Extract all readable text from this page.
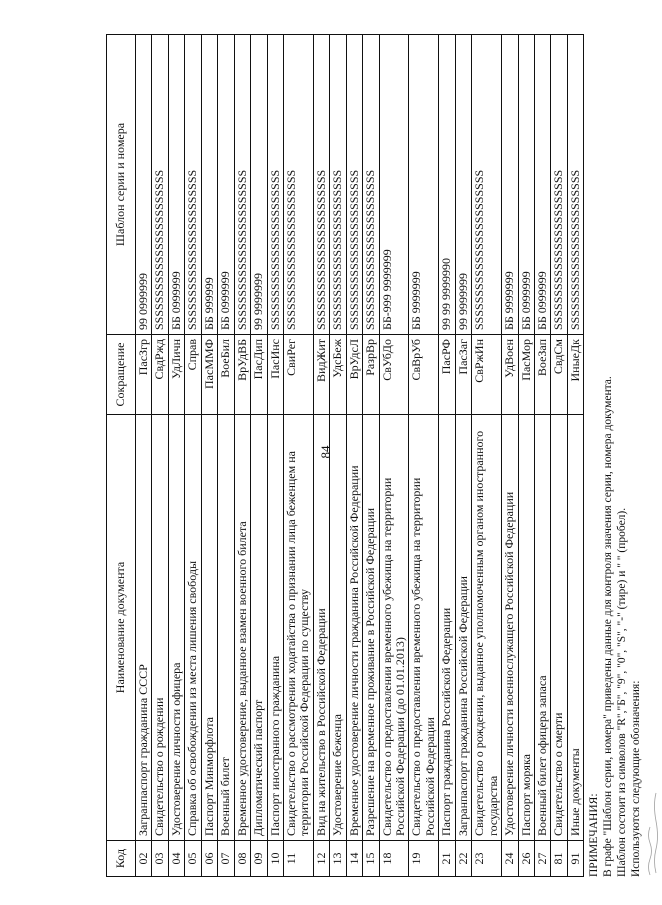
84
Код	Наименование документа	Сокращение	Шаблон серии и номера
02	Загранпаспорт гражданина СССР	ПасЗгр	99 0999999
03	Свидетельство о рождении	СвдРжд	SSSSSSSSSSSSSSSSSSSSSSSS
04	Удостоверение личности офицера	УдЛичн	ББ 0999999
05	Справка об освобождении из места лишения свободы	Справ	SSSSSSSSSSSSSSSSSSSSSSSS
06	Паспорт Минморфлота	ПасММФ	ББ 999999
07	Военный билет	ВоеБил	ББ 0999999
08	Временное удостоверение, выданное взамен военного билета	ВрУдВБ	SSSSSSSSSSSSSSSSSSSSSSSS
09	Дипломатический паспорт	ПасДип	99 9999999
10	Паспорт иностранного гражданина	ПасИнс	SSSSSSSSSSSSSSSSSSSSSSSS
11	Свидетельство о рассмотрении ходатайства о признании лица беженцем на территории Российской Федерации по существу	СвиРег	SSSSSSSSSSSSSSSSSSSSSSSS
12	Вид на жительство в Российской Федерации	ВидЖит	SSSSSSSSSSSSSSSSSSSSSSSS
13	Удостоверение беженца	УдсБеж	SSSSSSSSSSSSSSSSSSSSSSSS
14	Временное удостоверение личности гражданина Российской Федерации	ВрУдсЛ	SSSSSSSSSSSSSSSSSSSSSSSS
15	Разрешение на временное проживание в Российской Федерации	РазрВр	SSSSSSSSSSSSSSSSSSSSSSSS
18	Свидетельство о предоставлении временного убежища на территории Российской Федерации (до 01.01.2013)	СвУбДо	ББ-999 9999999
19	Свидетельство о предоставлении временного убежища на территории Российской Федерации	СвВрУб	ББ 9999999
21	Паспорт гражданина Российской Федерации	ПасРФ	99 99 9999990
22	Загранпаспорт гражданина Российской Федерации	ПасЗаг	99 9999999
23	Свидетельство о рождении, выданное уполномоченным органом иностранного государства	СвРжИн	SSSSSSSSSSSSSSSSSSSSSSSS
24	Удостоверение личности военнослужащего Российской Федерации	УдВоен	ББ 9999999
26	Паспорт моряка	ПасМор	ББ 0999999
27	Военный билет офицера запаса	ВоеЗап	ББ 0999999
81	Свидетельство о смерти	СвдСм	SSSSSSSSSSSSSSSSSSSSSSSS
91	Иные документы	ИныеДк	SSSSSSSSSSSSSSSSSSSSSSSS
ПРИМЕЧАНИЯ: В графе "Шаблон серии, номера" приведены данные для контроля значения серии, номера документа. Шаблон состоит из символов "R","Б", "9", "0", "S", "-" (тире) и " " (пробел). Используются следующие обозначения:
